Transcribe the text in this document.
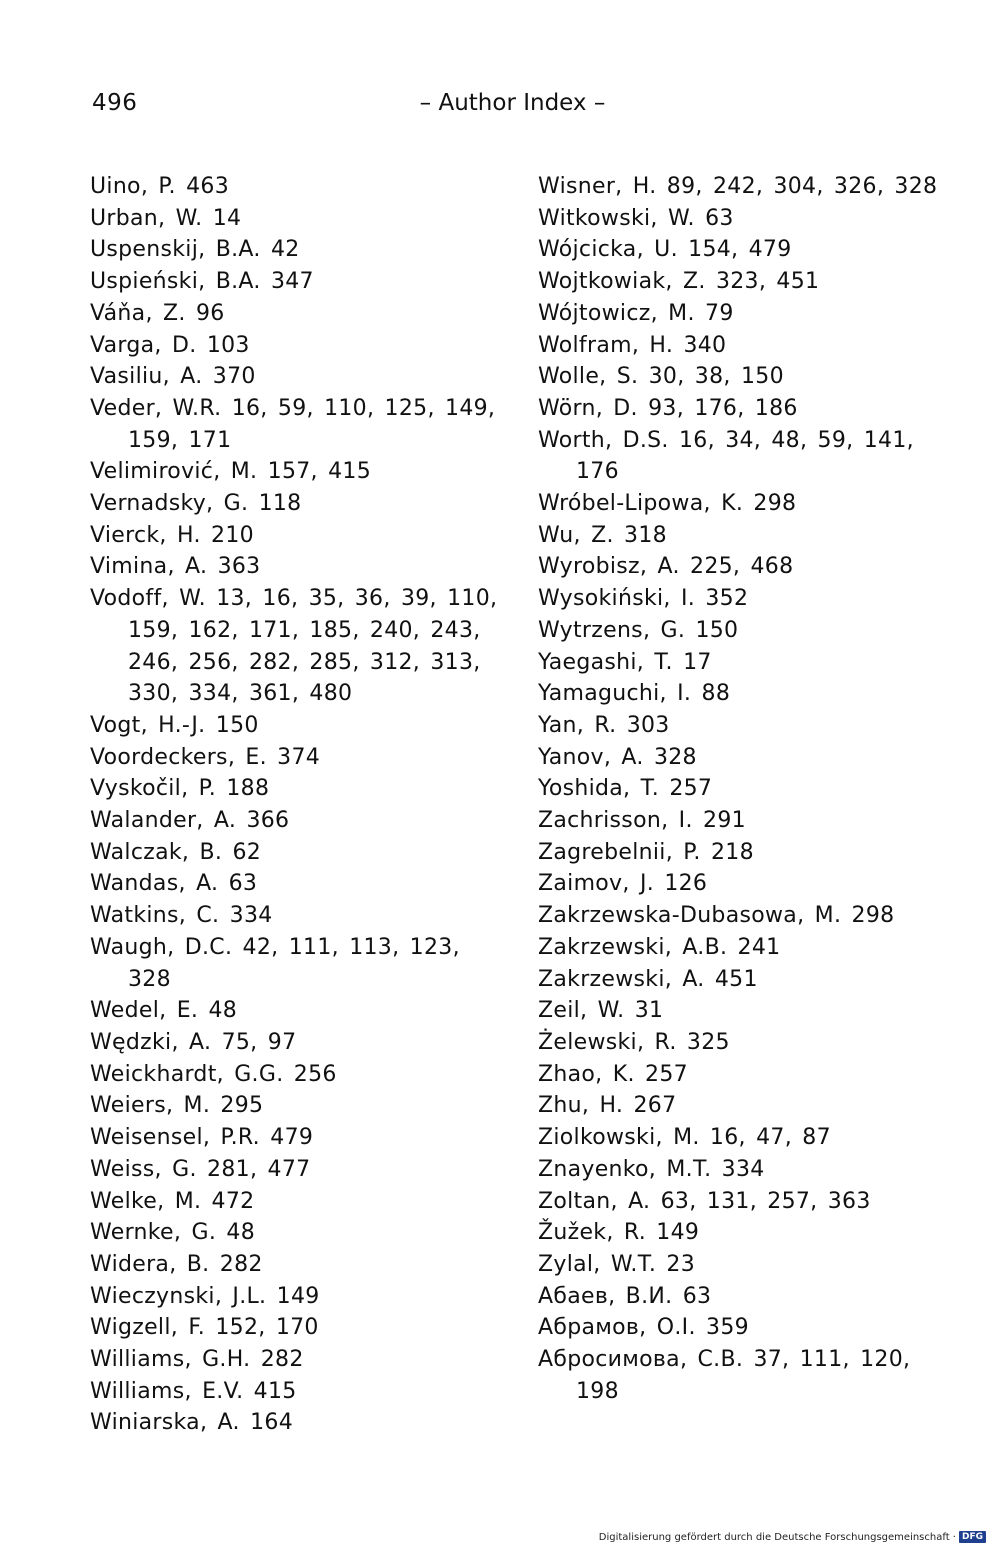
496	– Author Index –
Uino, P. 463
Urban, W. 14
Uspenskij, B.A. 42
Uspieński, B.A. 347
Váňa, Z. 96
Varga, D. 103
Vasiliu, A. 370
Veder, W.R. 16, 59, 110, 125, 149, 159, 171
Velimirović, M. 157, 415
Vernadsky, G. 118
Vierck, H. 210
Vimina, A. 363
Vodoff, W. 13, 16, 35, 36, 39, 110, 159, 162, 171, 185, 240, 243, 246, 256, 282, 285, 312, 313, 330, 334, 361, 480
Vogt, H.-J. 150
Voordeckers, E. 374
Vyskočil, P. 188
Walander, A. 366
Walczak, B. 62
Wandas, A. 63
Watkins, C. 334
Waugh, D.C. 42, 111, 113, 123, 328
Wedel, E. 48
Wędzki, A. 75, 97
Weickhardt, G.G. 256
Weiers, M. 295
Weisensel, P.R. 479
Weiss, G. 281, 477
Welke, M. 472
Wernke, G. 48
Widera, B. 282
Wieczynski, J.L. 149
Wigzell, F. 152, 170
Williams, G.H. 282
Williams, E.V. 415
Winiarska, A. 164
Wisner, H. 89, 242, 304, 326, 328
Witkowski, W. 63
Wójcicka, U. 154, 479
Wojtkowiak, Z. 323, 451
Wójtowicz, M. 79
Wolfram, H. 340
Wolle, S. 30, 38, 150
Wörn, D. 93, 176, 186
Worth, D.S. 16, 34, 48, 59, 141, 176
Wróbel-Lipowa, K. 298
Wu, Z. 318
Wyrobisz, A. 225, 468
Wysokiński, I. 352
Wytrzens, G. 150
Yaegashi, T. 17
Yamaguchi, I. 88
Yan, R. 303
Yanov, A. 328
Yoshida, T. 257
Zachrisson, I. 291
Zagrebelnii, P. 218
Zaimov, J. 126
Zakrzewska-Dubasowa, M. 298
Zakrzewski, A.B. 241
Zakrzewski, A. 451
Zeil, W. 31
Żelewski, R. 325
Zhao, K. 257
Zhu, H. 267
Ziolkowski, M. 16, 47, 87
Znayenko, M.T. 334
Zoltan, A. 63, 131, 257, 363
Žužek, R. 149
Zylal, W.T. 23
Абаев, В.И. 63
Абрамов, О.І. 359
Абросимова, С.В. 37, 111, 120, 198
Digitalisierung gefördert durch die Deutsche Forschungsgemeinschaft · DFG
